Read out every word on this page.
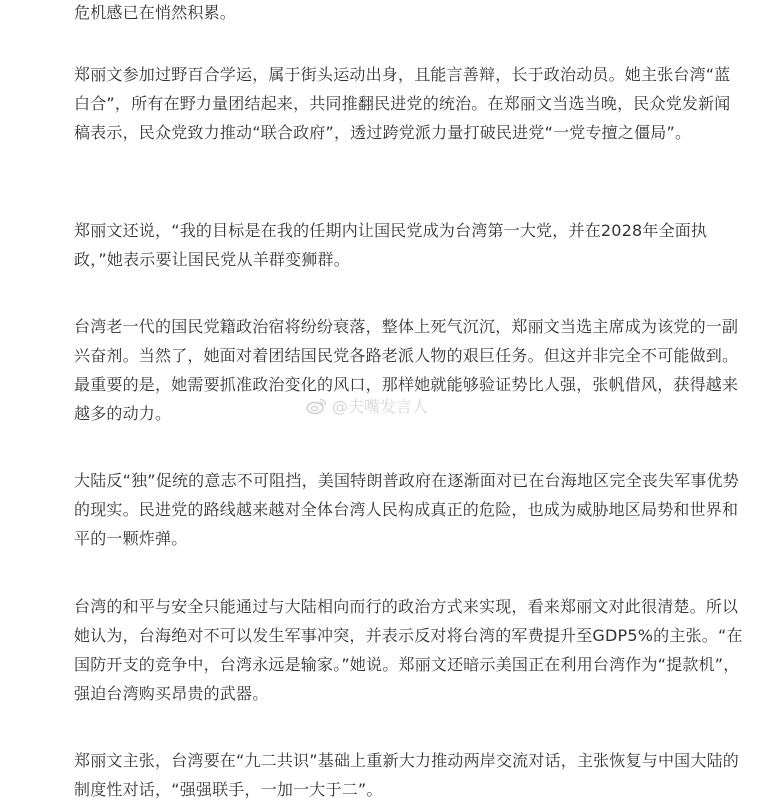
危机感已在悄然积累。

郑丽文参加过野百合学运，属于街头运动出身，且能言善辩，长于政治动员。她主张台湾“蓝白合”，所有在野力量团结起来，共同推翻民进党的统治。在郑丽文当选当晚，民众党发新闻稿表示，民众党致力推动“联合政府”，透过跨党派力量打破民进党“一党专擅之僵局”。

郑丽文还说，“我的目标是在我的任期内让国民党成为台湾第一大党，并在2028年全面执政，”她表示要让国民党从羊群变狮群。

台湾老一代的国民党籍政治宿将纷纷衰落，整体上死气沉沉，郑丽文当选主席成为该党的一副兴奋剂。当然了，她面对着团结国民党各路老派人物的艰巨任务。但这并非完全不可能做到。最重要的是，她需要抓准政治变化的风口，那样她就能够验证势比人强，张帆借风，获得越来越多的动力。

大陆反“独”促统的意志不可阻挡，美国特朗普政府在逐渐面对已在台海地区完全丧失军事优势的现实。民进党的路线越来越对全体台湾人民构成真正的危险，也成为威胁地区局势和世界和平的一颗炸弹。

台湾的和平与安全只能通过与大陆相向而行的政治方式来实现，看来郑丽文对此很清楚。所以她认为，台海绝对不可以发生军事冲突，并表示反对将台湾的军费提升至GDP5%的主张。“在国防开支的竞争中，台湾永远是输家。”她说。郑丽文还暗示美国正在利用台湾作为“提款机”，强迫台湾购买昂贵的武器。

郑丽文主张，台湾要在“九二共识”基础上重新大力推动两岸交流对话，主张恢复与中国大陆的制度性对话，“强强联手，一加一大于二”。

@夫嘴发言人
